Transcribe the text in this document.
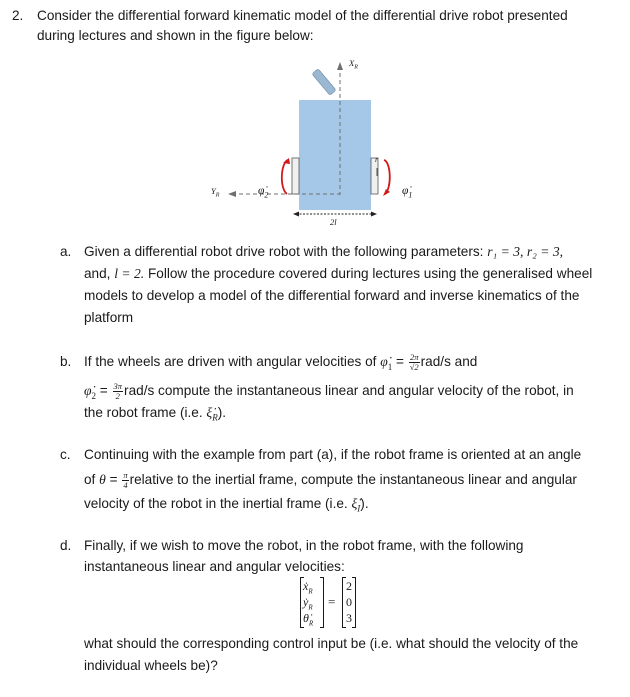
2. Consider the differential forward kinematic model of the differential drive robot presented
during lectures and shown in the figure below:
$X_R$
$Y_R$	$\varphi̇_2$	$\varphi̇_1$
r
2l
a. Given a differential robot drive robot with the following parameters: r₁ = 3, r₂ = 3,
and, l = 2. Follow the procedure covered during lectures using the generalised wheel
models to develop a model of the differential forward and inverse kinematics of the
platform
b. If the wheels are driven with angular velocities of $\varphi̇_1 = \frac{2\pi}{√2} rad/s$ and
$\varphi̇_2 = \frac{3\pi}{2} rad/s$ compute the instantaneous linear and angular velocity of the robot, in
the robot frame (i.e. $\xi̇_R$).
c. Continuing with the example from part (a), if the robot frame is oriented at an angle
of $\theta = \frac{\pi}{4}$ relative to the inertial frame, compute the instantaneous linear and angular
velocity of the robot in the inertial frame (i.e. $\xi̇_I$).
d. Finally, if we wish to move the robot, in the robot frame, with the following
instantaneous linear and angular velocities:
ẋ$_R$
ẏ$_R$
$\thetȧ_R$
=
2
0
3
what should the corresponding control input be (i.e. what should the velocity of the
individual wheels be)?
